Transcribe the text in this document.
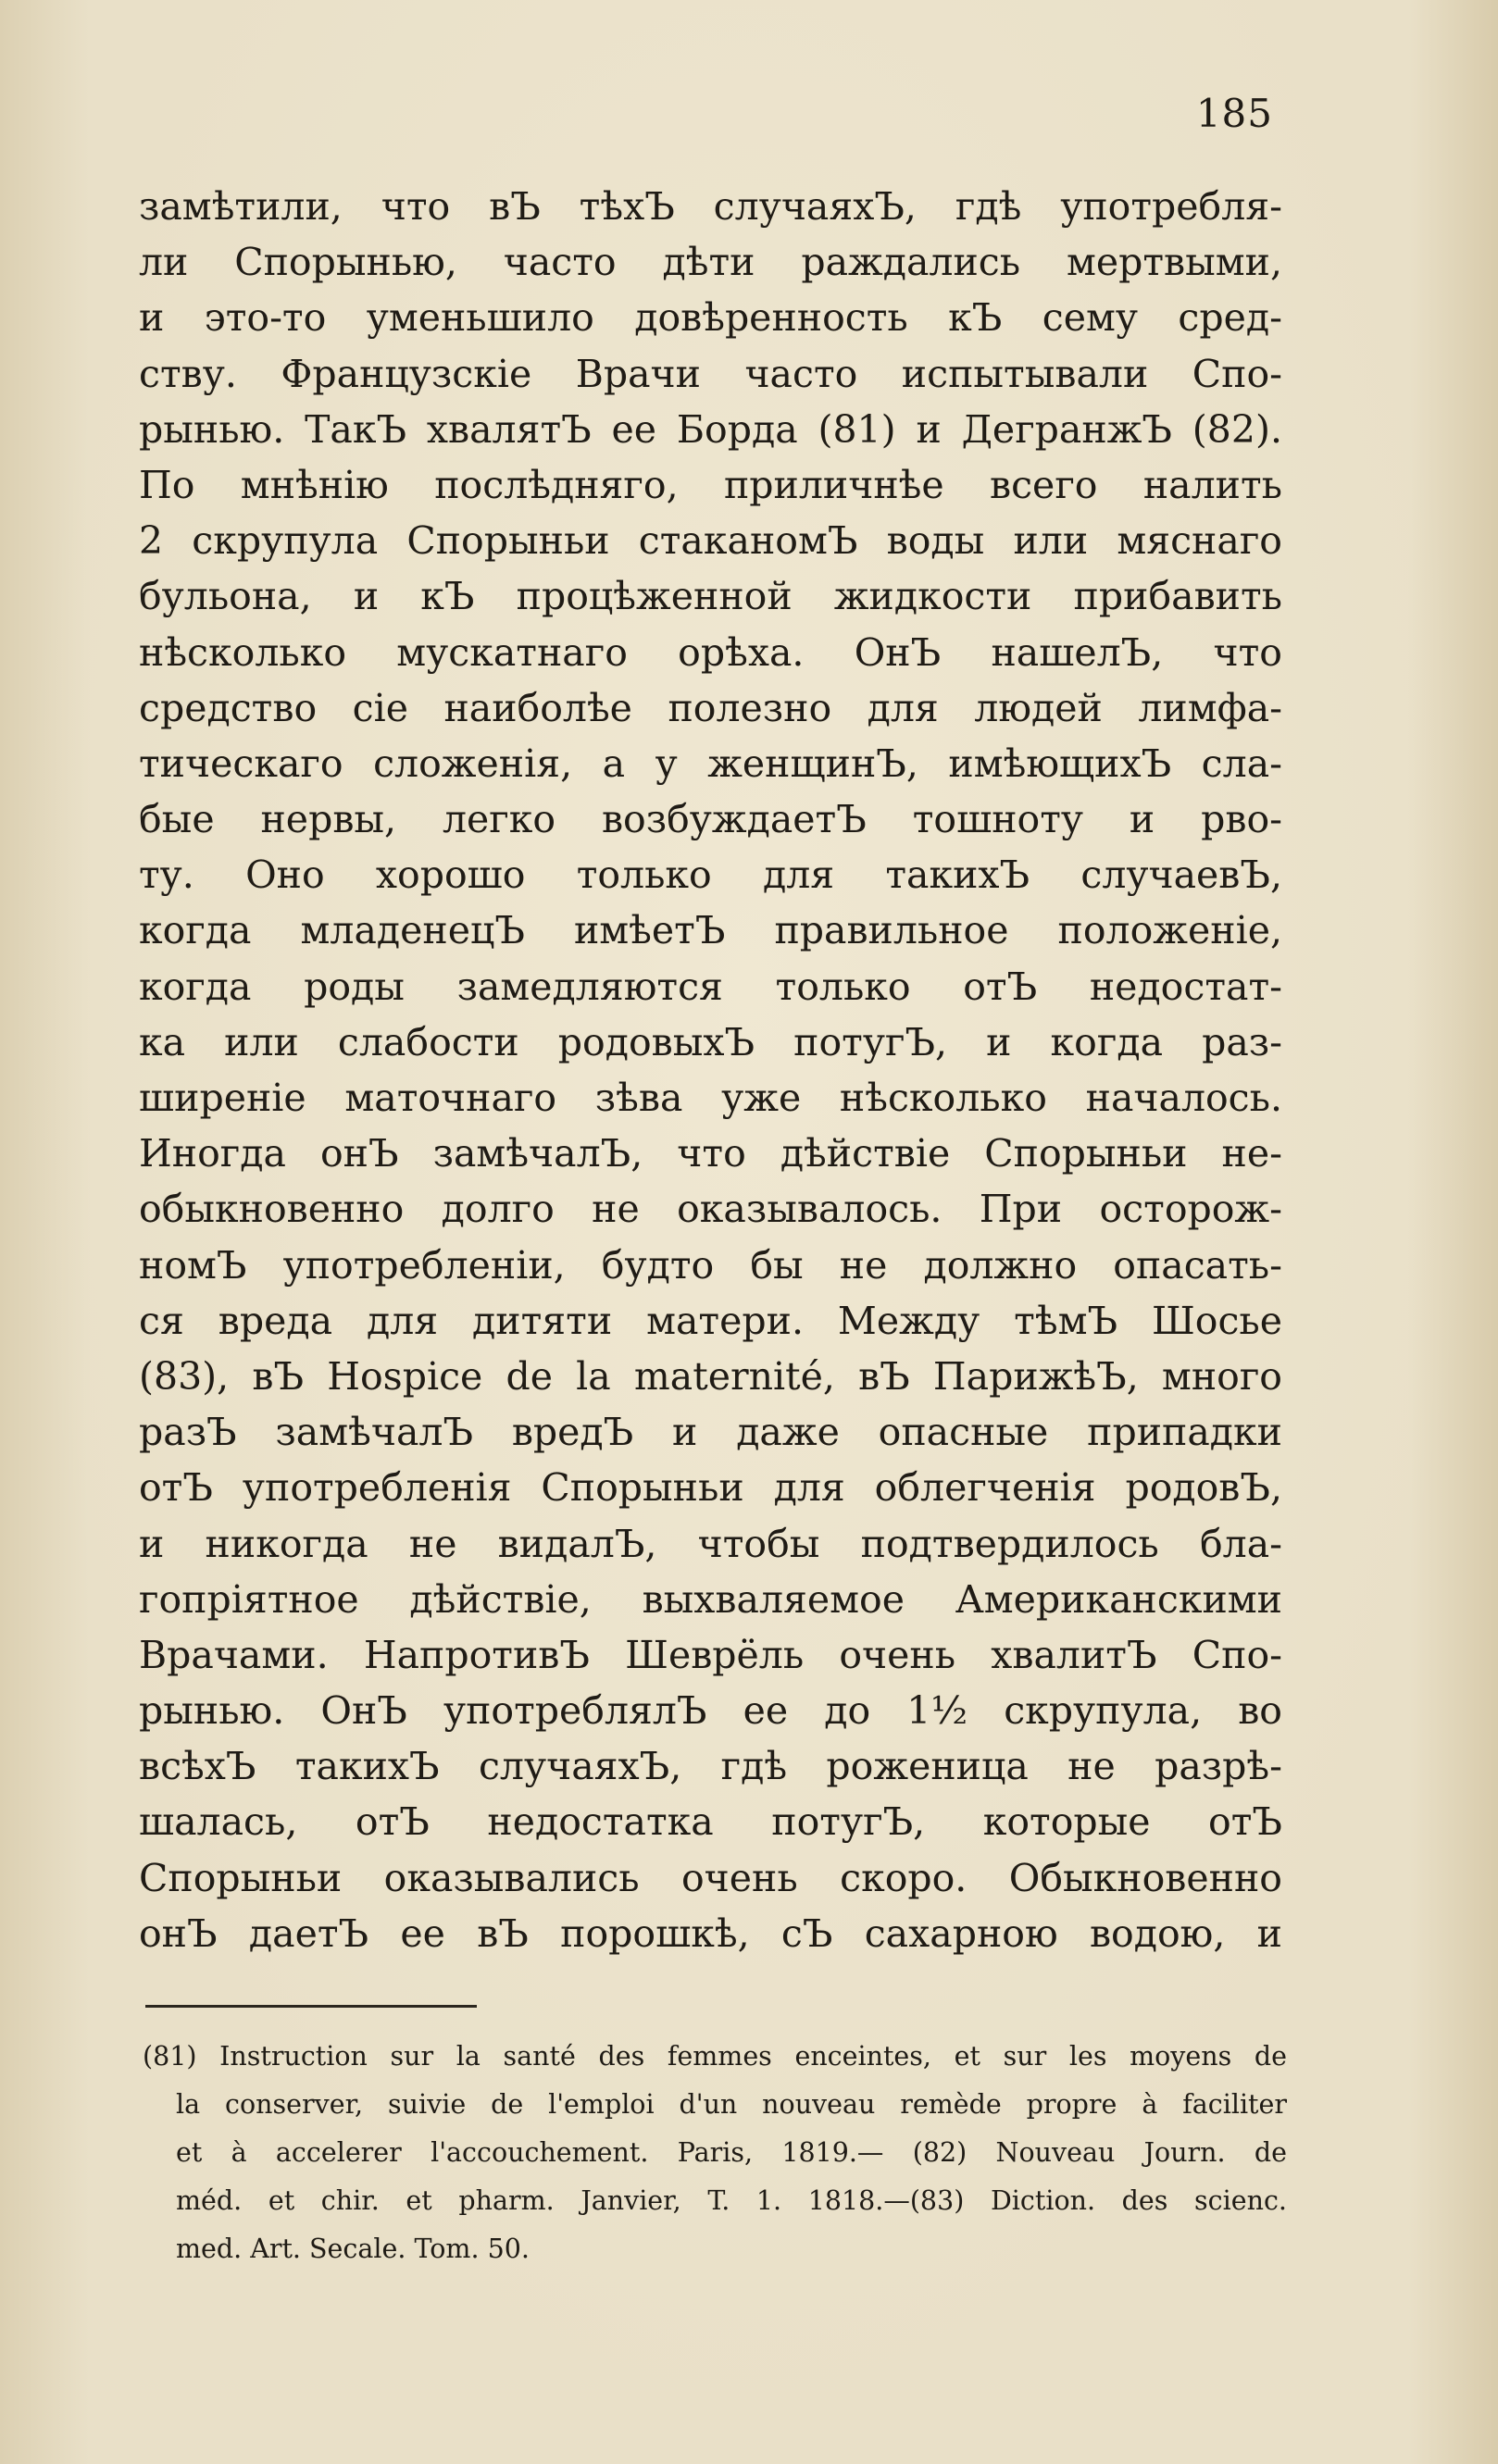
185
замѣтили, что вЪ тѣхЪ случаяхЪ, гдѣ употребля-
ли Спорынью, часто дѣти раждались мертвыми,
и это-то уменьшило довѣренность кЪ сему сред-
ству. Французскіе Врачи часто испытывали Спо-
рынью. ТакЪ хвалятЪ ее Борда (81) и ДегранжЪ (82).
По мнѣнію послѣдняго, приличнѣе всего налить
2 скрупула Спорыньи стаканомЪ воды или мяснаго
бульона, и кЪ процѣженной жидкости прибавить
нѣсколько мускатнаго орѣха. ОнЪ нашелЪ, что
средство сіе наиболѣе полезно для людей лимфа-
тическаго сложенія, а у женщинЪ, имѣющихЪ сла-
бые нервы, легко возбуждаетЪ тошноту и рво-
ту. Оно хорошо только для такихЪ случаевЪ,
когда младенецЪ имѣетЪ правильное положеніе,
когда роды замедляются только отЪ недостат-
ка или слабости родовыхЪ потугЪ, и когда раз-
ширеніе маточнаго зѣва уже нѣсколько началось.
Иногда онЪ замѣчалЪ, что дѣйствіе Спорыньи не-
обыкновенно долго не оказывалось. При осторож-
номЪ употребленіи, будто бы не должно опасать-
ся вреда для дитяти матери. Между тѣмЪ Шосье
(83), вЪ Hospice de la maternité, вЪ ПарижѣЪ, много
разЪ замѣчалЪ вредЪ и даже опасные припадки
отЪ употребленія Спорыньи для облегченія родовЪ,
и никогда не видалЪ, чтобы подтвердилось бла-
гопріятное дѣйствіе, выхваляемое Американскими
Врачами. НапротивЪ Шеврёль очень хвалитЪ Спо-
рынью. ОнЪ употреблялЪ ее до 1½ скрупула, во
всѣхЪ такихЪ случаяхЪ, гдѣ роженица не разрѣ-
шалась, отЪ недостатка потугЪ, которые отЪ
Спорыньи оказывались очень скоро. Обыкновенно
онЪ даетЪ ее вЪ порошкѣ, сЪ сахарною водою, и
(81) Instruction sur la santé des femmes enceintes, et sur les moyens de
la conserver, suivie de l'emploi d'un nouveau remède propre à faciliter
et à accelerer l'accouchement. Paris, 1819.— (82) Nouveau Journ. de
méd. et chir. et pharm. Janvier, T. 1. 1818.—(83) Diction. des scienc.
med. Art. Secale. Tom. 50.
